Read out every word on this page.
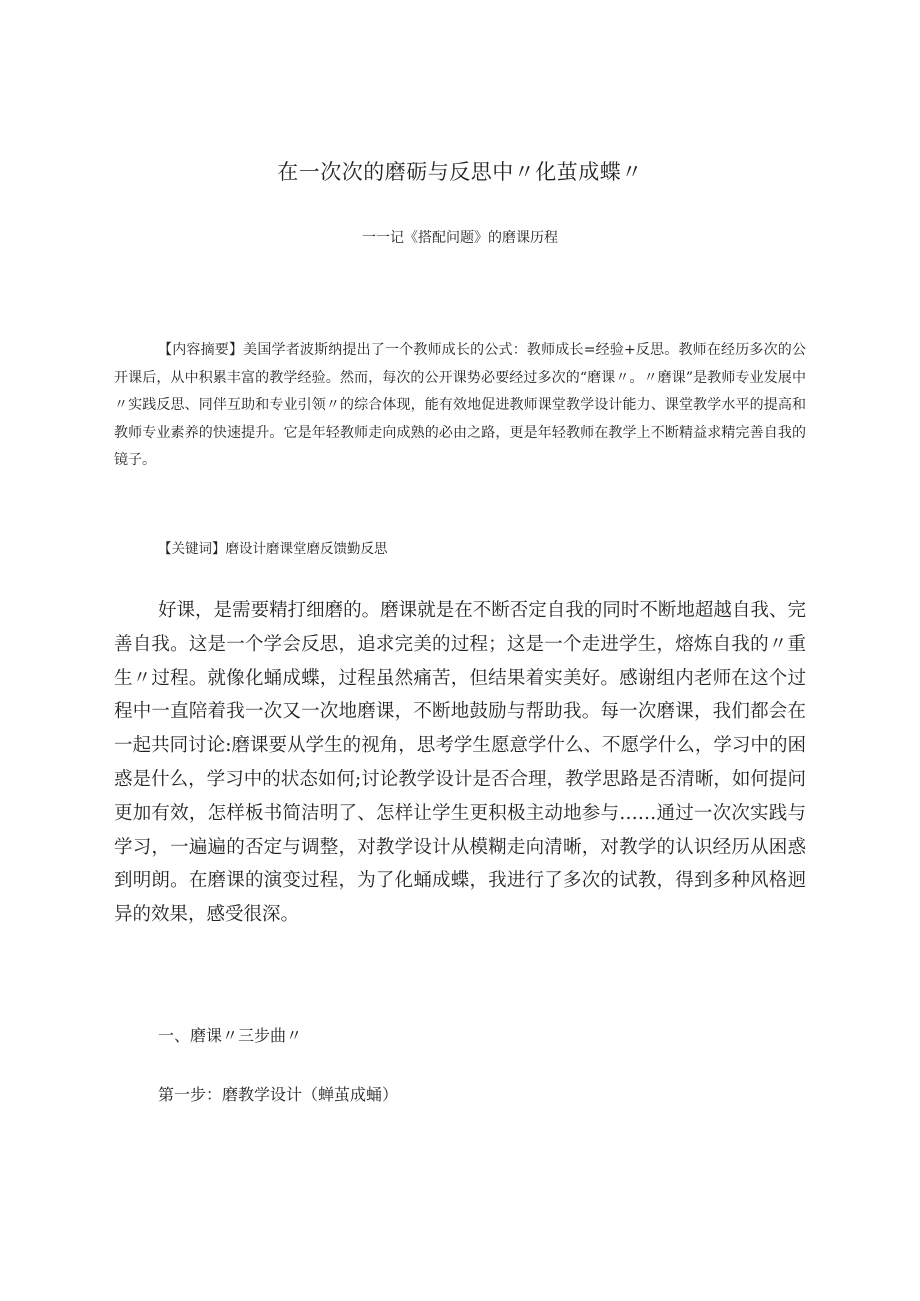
在一次次的磨砺与反思中〃化茧成蝶〃
一一记《搭配问题》的磨课历程

【内容摘要】美国学者波斯纳提出了一个教师成长的公式：教师成长=经验+反思。教师在经历多次的公开课后，从中积累丰富的教学经验。然而，每次的公开课势必要经过多次的“磨课〃。〃磨课”是教师专业发展中〃实践反思、同伴互助和专业引领〃的综合体现，能有效地促进教师课堂教学设计能力、课堂教学水平的提高和教师专业素养的快速提升。它是年轻教师走向成熟的必由之路，更是年轻教师在教学上不断精益求精完善自我的镜子。

【关键词】磨设计磨课堂磨反馈勤反思

好课，是需要精打细磨的。磨课就是在不断否定自我的同时不断地超越自我、完善自我。这是一个学会反思，追求完美的过程；这是一个走进学生，熔炼自我的〃重生〃过程。就像化蛹成蝶，过程虽然痛苦，但结果着实美好。感谢组内老师在这个过程中一直陪着我一次又一次地磨课，不断地鼓励与帮助我。每一次磨课，我们都会在一起共同讨论:磨课要从学生的视角，思考学生愿意学什么、不愿学什么，学习中的困惑是什么，学习中的状态如何;讨论教学设计是否合理，教学思路是否清晰，如何提问更加有效，怎样板书简洁明了、怎样让学生更积极主动地参与……通过一次次实践与学习，一遍遍的否定与调整，对教学设计从模糊走向清晰，对教学的认识经历从困惑到明朗。在磨课的演变过程，为了化蛹成蝶，我进行了多次的试教，得到多种风格迥异的效果，感受很深。

一、磨课〃三步曲〃

第一步：磨教学设计（蝉茧成蛹）
